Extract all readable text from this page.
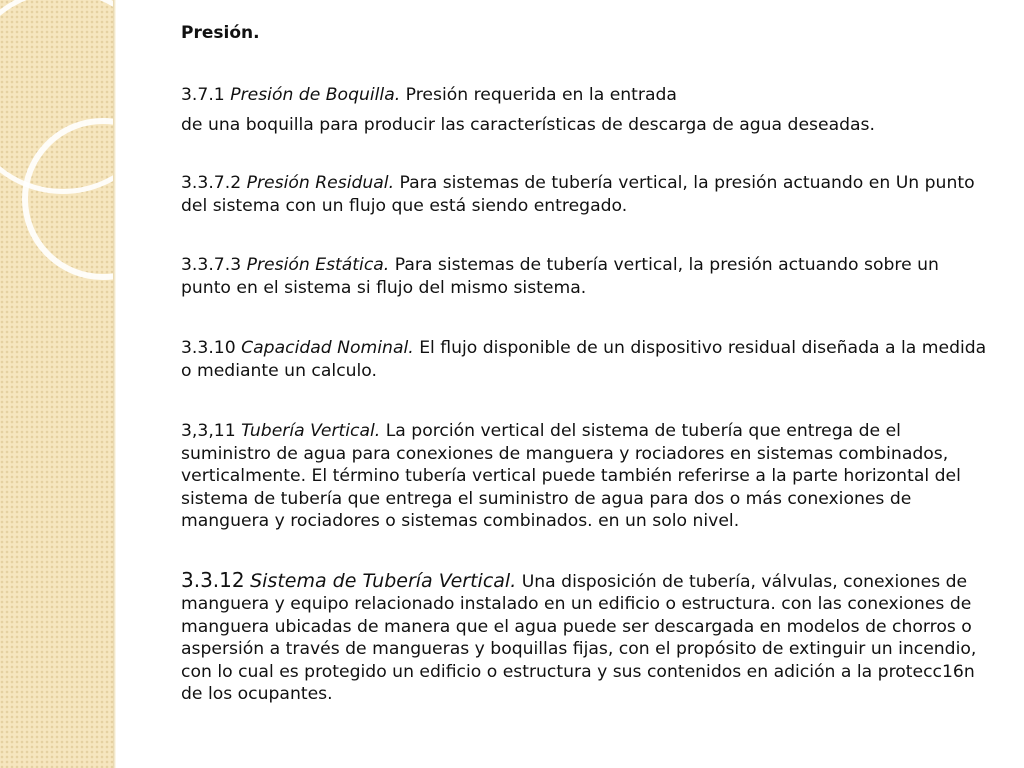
Presión.

3.7.1 Presión de Boquilla. Presión requerida en la entrada

de una boquilla para producir las características de descarga de agua deseadas.

3.3.7.2 Presión Residual. Para sistemas de tubería vertical, la presión actuando en Un punto del sistema con un flujo que está siendo entregado.

3.3.7.3 Presión Estática. Para sistemas de tubería vertical, la presión actuando sobre un punto en el sistema si flujo del mismo sistema.

3.3.10 Capacidad Nominal. El flujo disponible de un dispositivo residual diseñada a la medida o mediante un calculo.

3,3,11 Tubería Vertical. La porción vertical del sistema de tubería que entrega de el suministro de agua para conexiones de manguera y rociadores en sistemas combinados, verticalmente. El término tubería vertical puede también referirse a la parte horizontal del sistema de tubería que entrega el suministro de agua para dos o más conexiones de manguera y rociadores o sistemas combinados. en un solo nivel.

3.3.12 Sistema de Tubería Vertical. Una disposición de tubería, válvulas, conexiones de manguera y equipo relacionado instalado en un edificio o estructura. con las conexiones de manguera ubicadas de manera que el agua puede ser descargada en modelos de chorros o aspersión a través de mangueras y boquillas fijas, con el propósito de extinguir un incendio, con lo cual es protegido un edificio o estructura y sus contenidos en adición a la protecc16n de los ocupantes.
